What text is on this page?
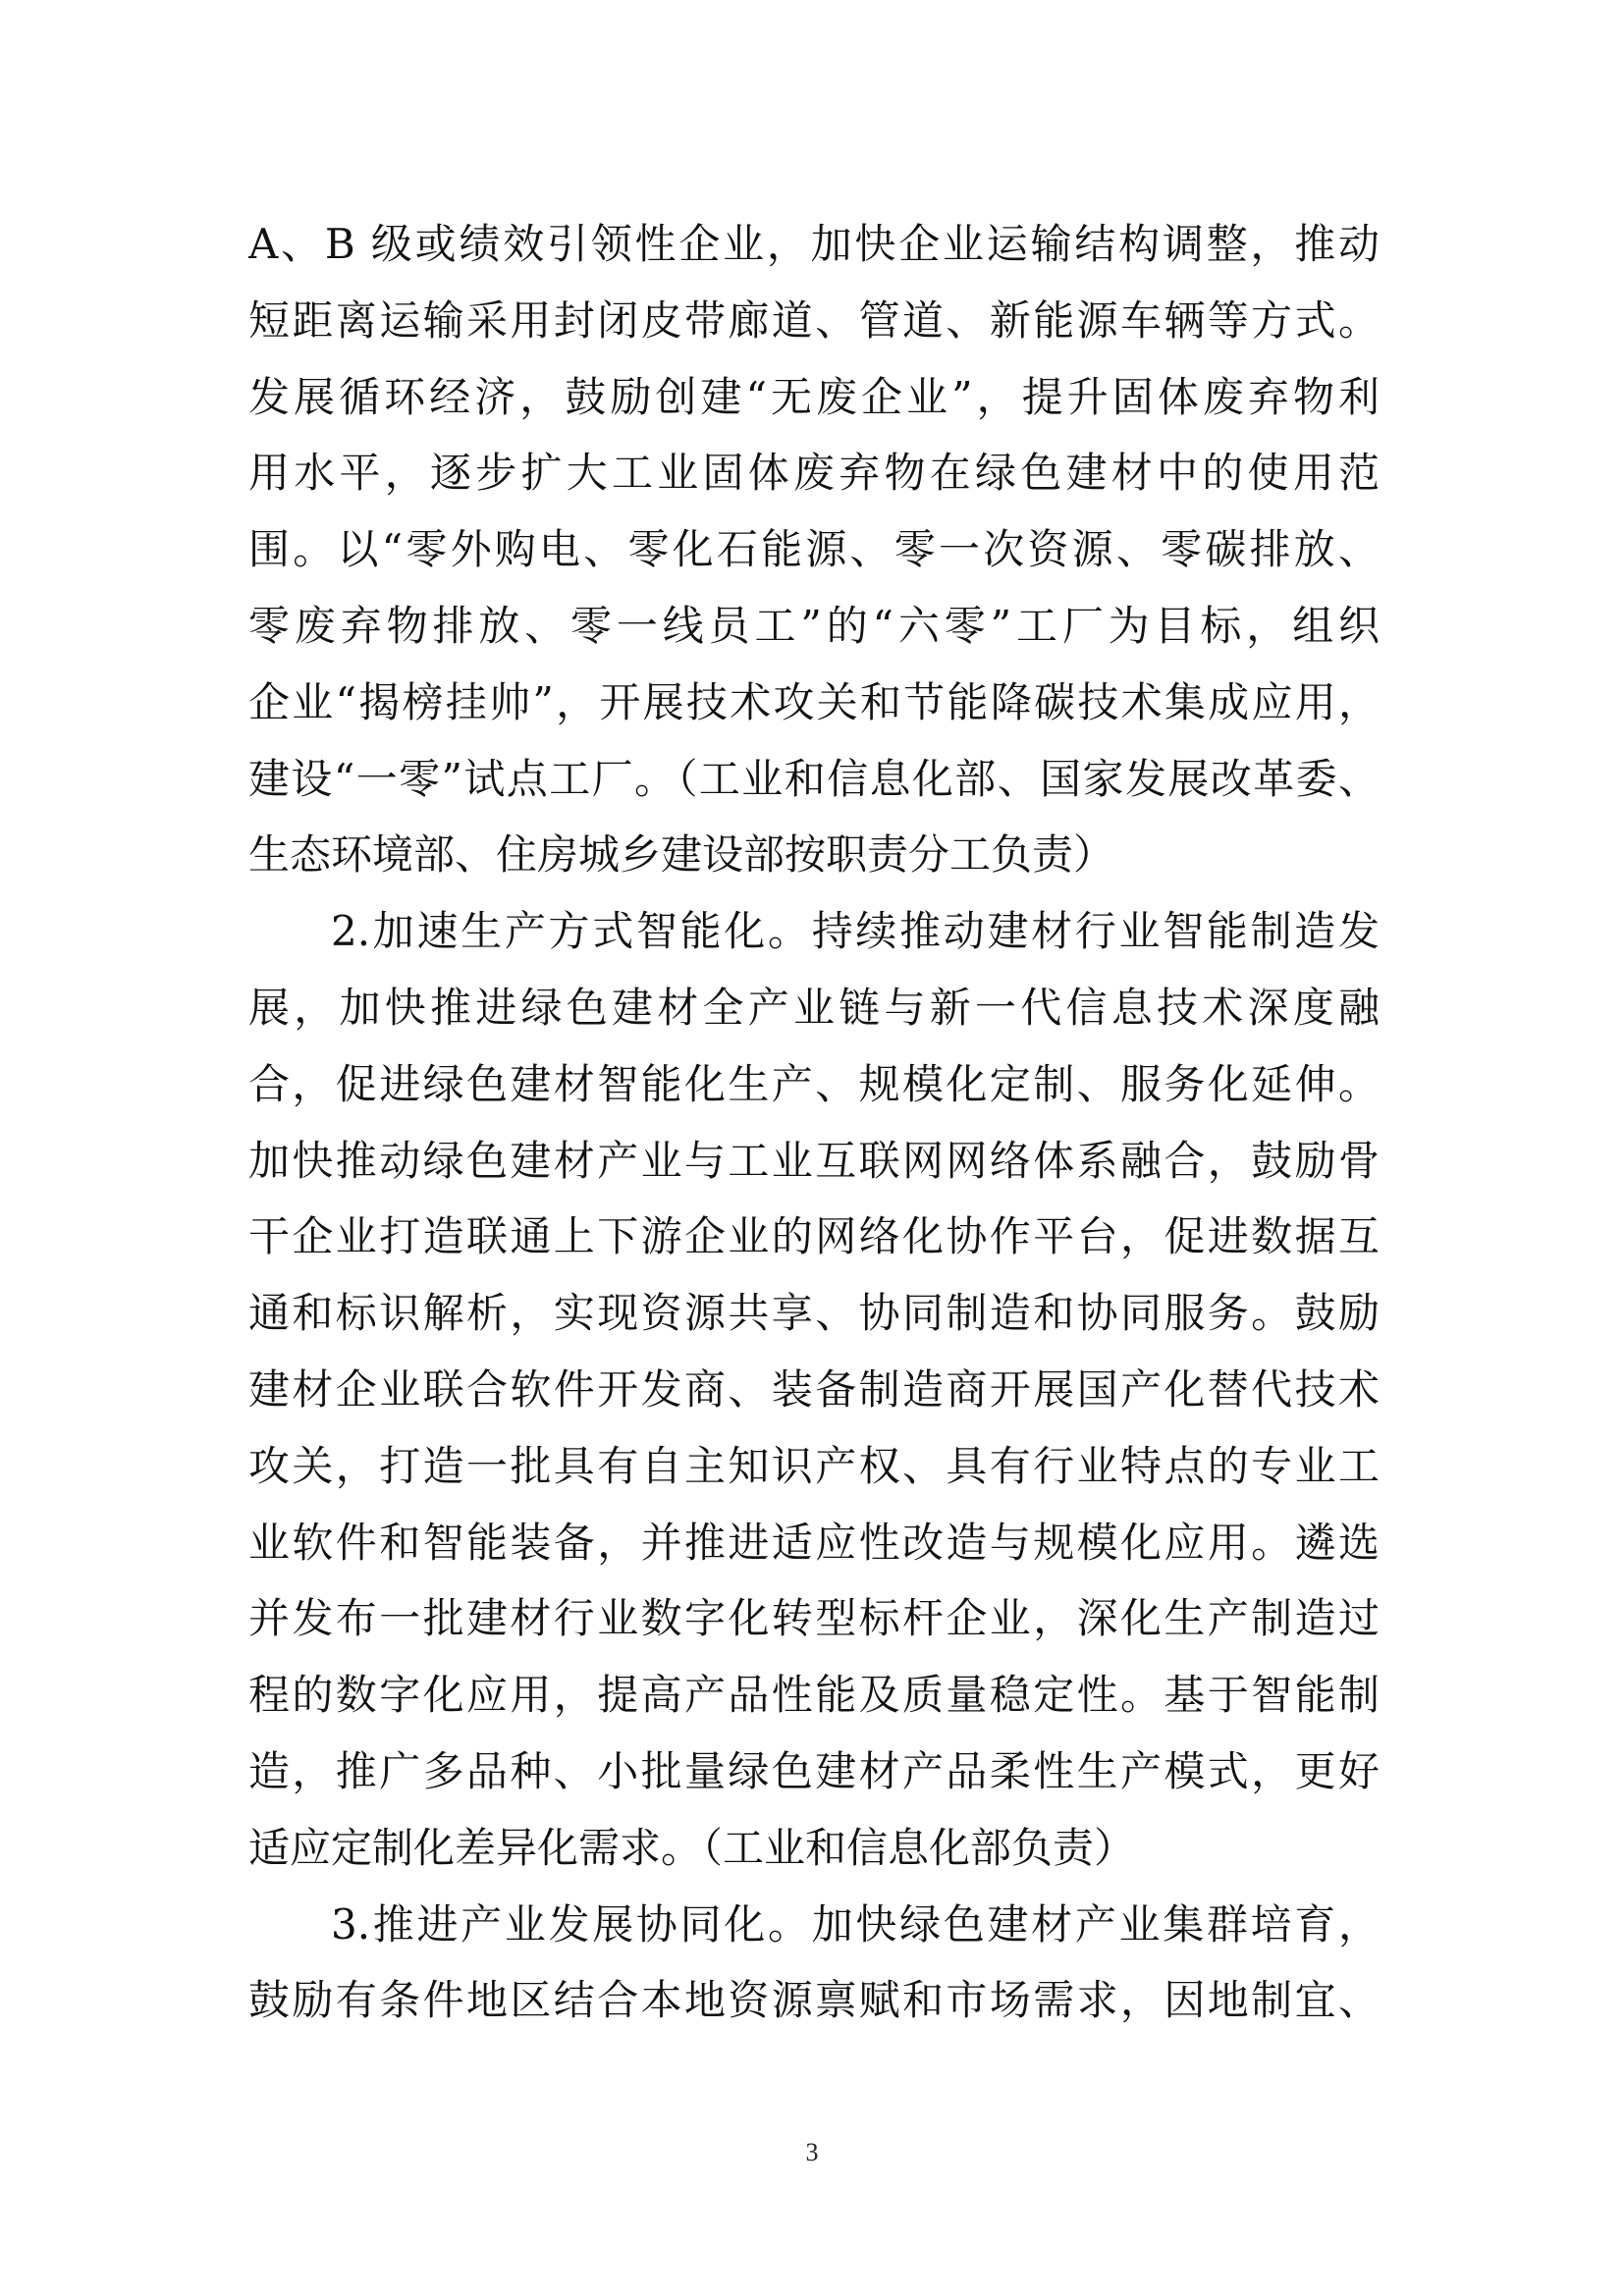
A、B 级或绩效引领性企业，加快企业运输结构调整，推动
短距离运输采用封闭皮带廊道、管道、新能源车辆等方式。
发展循环经济，鼓励创建“无废企业”，提升固体废弃物利
用水平，逐步扩大工业固体废弃物在绿色建材中的使用范
围。以“零外购电、零化石能源、零一次资源、零碳排放、
零废弃物排放、零一线员工”的“六零”工厂为目标，组织
企业“揭榜挂帅”，开展技术攻关和节能降碳技术集成应用，
建设“一零”试点工厂。（工业和信息化部、国家发展改革委、
生态环境部、住房城乡建设部按职责分工负责）
2.加速生产方式智能化。持续推动建材行业智能制造发
展，加快推进绿色建材全产业链与新一代信息技术深度融
合，促进绿色建材智能化生产、规模化定制、服务化延伸。
加快推动绿色建材产业与工业互联网网络体系融合，鼓励骨
干企业打造联通上下游企业的网络化协作平台，促进数据互
通和标识解析，实现资源共享、协同制造和协同服务。鼓励
建材企业联合软件开发商、装备制造商开展国产化替代技术
攻关，打造一批具有自主知识产权、具有行业特点的专业工
业软件和智能装备，并推进适应性改造与规模化应用。遴选
并发布一批建材行业数字化转型标杆企业，深化生产制造过
程的数字化应用，提高产品性能及质量稳定性。基于智能制
造，推广多品种、小批量绿色建材产品柔性生产模式，更好
适应定制化差异化需求。（工业和信息化部负责）
3.推进产业发展协同化。加快绿色建材产业集群培育，
鼓励有条件地区结合本地资源禀赋和市场需求，因地制宜、
3
